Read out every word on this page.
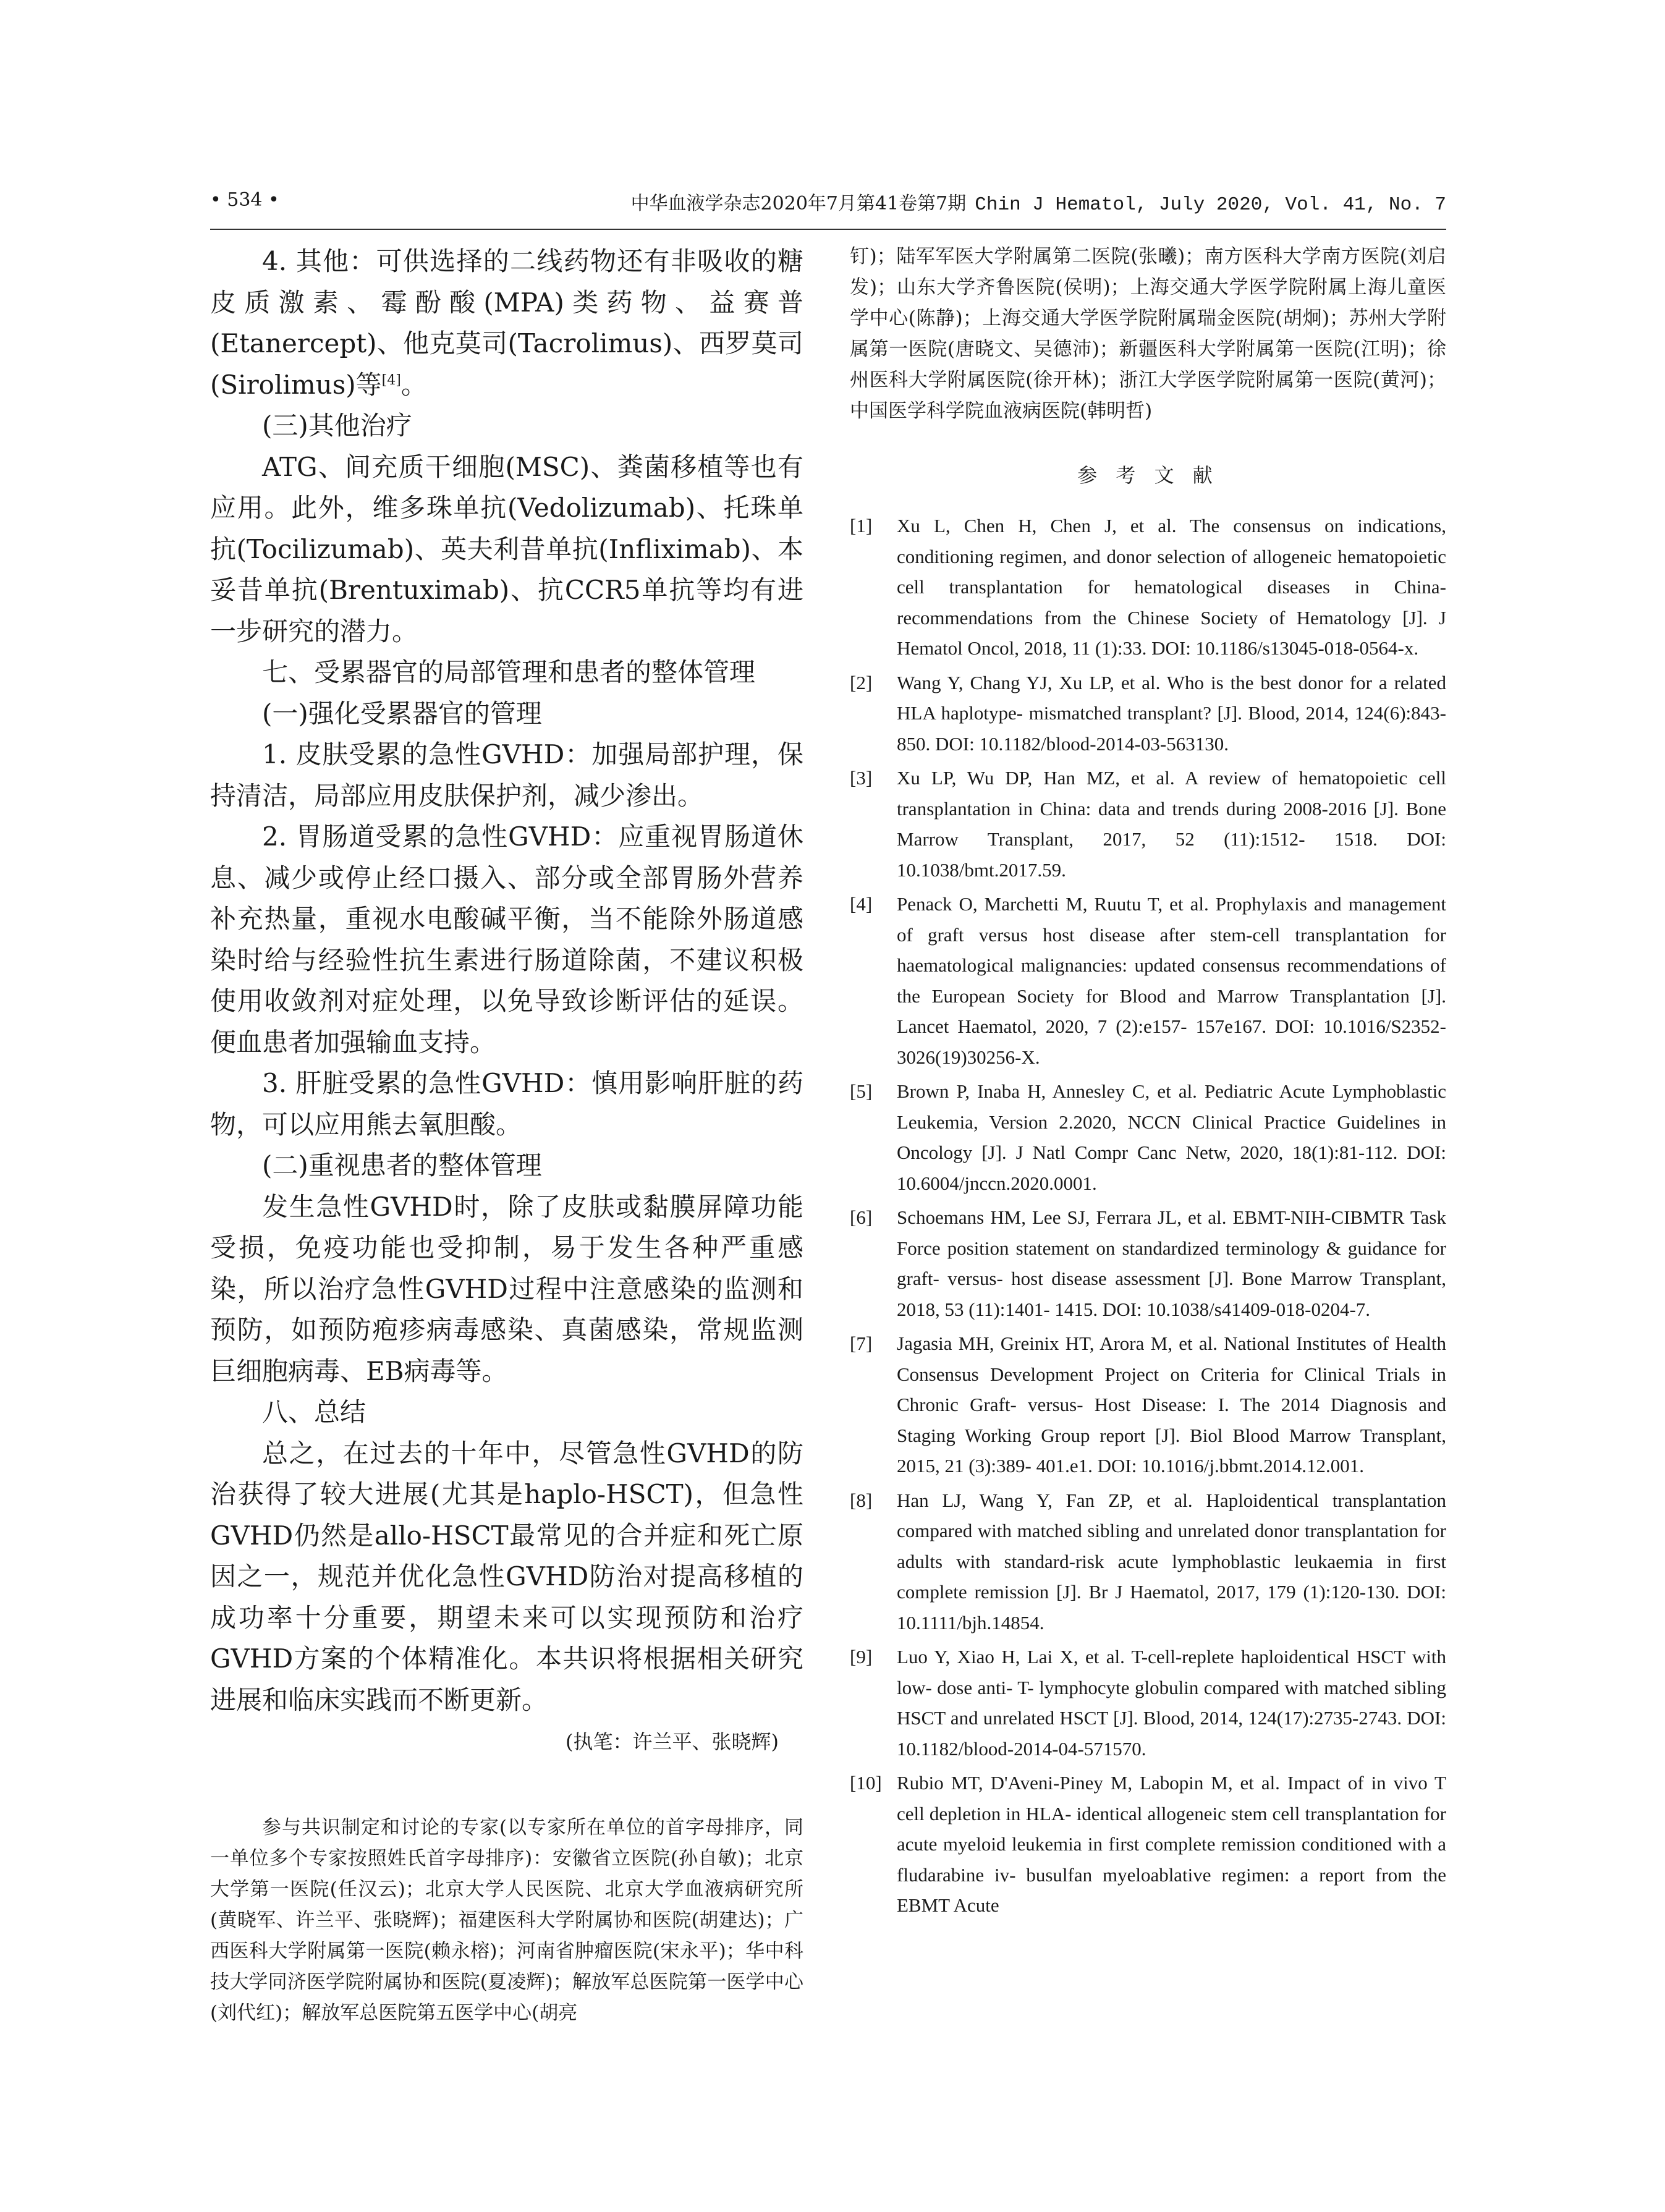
• 534 •	中华血液学杂志2020年7月第41卷第7期 Chin J Hematol, July 2020, Vol. 41, No. 7

4. 其他：可供选择的二线药物还有非吸收的糖皮质激素、霉酚酸(MPA)类药物、益赛普(Etanercept)、他克莫司(Tacrolimus)、西罗莫司(Sirolimus)等[4]。

(三)其他治疗

ATG、间充质干细胞(MSC)、粪菌移植等也有应用。此外，维多珠单抗(Vedolizumab)、托珠单抗(Tocilizumab)、英夫利昔单抗(Infliximab)、本妥昔单抗(Brentuximab)、抗CCR5单抗等均有进一步研究的潜力。

七、受累器官的局部管理和患者的整体管理

(一)强化受累器官的管理

1. 皮肤受累的急性GVHD：加强局部护理，保持清洁，局部应用皮肤保护剂，减少渗出。

2. 胃肠道受累的急性GVHD：应重视胃肠道休息、减少或停止经口摄入、部分或全部胃肠外营养补充热量，重视水电酸碱平衡，当不能除外肠道感染时给与经验性抗生素进行肠道除菌，不建议积极使用收敛剂对症处理，以免导致诊断评估的延误。便血患者加强输血支持。

3. 肝脏受累的急性GVHD：慎用影响肝脏的药物，可以应用熊去氧胆酸。

(二)重视患者的整体管理

发生急性GVHD时，除了皮肤或黏膜屏障功能受损，免疫功能也受抑制，易于发生各种严重感染，所以治疗急性GVHD过程中注意感染的监测和预防，如预防疱疹病毒感染、真菌感染，常规监测巨细胞病毒、EB病毒等。

八、总结

总之，在过去的十年中，尽管急性GVHD的防治获得了较大进展(尤其是haplo-HSCT)，但急性GVHD仍然是allo-HSCT最常见的合并症和死亡原因之一，规范并优化急性GVHD防治对提高移植的成功率十分重要，期望未来可以实现预防和治疗GVHD方案的个体精准化。本共识将根据相关研究进展和临床实践而不断更新。

(执笔：许兰平、张晓辉)

参与共识制定和讨论的专家(以专家所在单位的首字母排序，同一单位多个专家按照姓氏首字母排序)：安徽省立医院(孙自敏)；北京大学第一医院(任汉云)；北京大学人民医院、北京大学血液病研究所(黄晓军、许兰平、张晓辉)；福建医科大学附属协和医院(胡建达)；广西医科大学附属第一医院(赖永榕)；河南省肿瘤医院(宋永平)；华中科技大学同济医学院附属协和医院(夏凌辉)；解放军总医院第一医学中心(刘代红)；解放军总医院第五医学中心(胡亮

钉)；陆军军医大学附属第二医院(张曦)；南方医科大学南方医院(刘启发)；山东大学齐鲁医院(侯明)；上海交通大学医学院附属上海儿童医学中心(陈静)；上海交通大学医学院附属瑞金医院(胡炯)；苏州大学附属第一医院(唐晓文、吴德沛)；新疆医科大学附属第一医院(江明)；徐州医科大学附属医院(徐开林)；浙江大学医学院附属第一医院(黄河)；中国医学科学院血液病医院(韩明哲)

参 考 文 献
[1]	Xu L, Chen H, Chen J, et al. The consensus on indications, conditioning regimen, and donor selection of allogeneic hematopoietic cell transplantation for hematological diseases in China- recommendations from the Chinese Society of Hematology [J]. J Hematol Oncol, 2018, 11 (1):33. DOI: 10.1186/s13045-018-0564-x.
[2]	Wang Y, Chang YJ, Xu LP, et al. Who is the best donor for a related HLA haplotype- mismatched transplant? [J]. Blood, 2014, 124(6):843-850. DOI: 10.1182/blood-2014-03-563130.
[3]	Xu LP, Wu DP, Han MZ, et al. A review of hematopoietic cell transplantation in China: data and trends during 2008-2016 [J]. Bone Marrow Transplant, 2017, 52 (11):1512- 1518. DOI: 10.1038/bmt.2017.59.
[4]	Penack O, Marchetti M, Ruutu T, et al. Prophylaxis and management of graft versus host disease after stem-cell transplantation for haematological malignancies: updated consensus recommendations of the European Society for Blood and Marrow Transplantation [J]. Lancet Haematol, 2020, 7 (2):e157- 157e167. DOI: 10.1016/S2352-3026(19)30256-X.
[5]	Brown P, Inaba H, Annesley C, et al. Pediatric Acute Lymphoblastic Leukemia, Version 2.2020, NCCN Clinical Practice Guidelines in Oncology [J]. J Natl Compr Canc Netw, 2020, 18(1):81-112. DOI: 10.6004/jnccn.2020.0001.
[6]	Schoemans HM, Lee SJ, Ferrara JL, et al. EBMT-NIH-CIBMTR Task Force position statement on standardized terminology & guidance for graft- versus- host disease assessment [J]. Bone Marrow Transplant, 2018, 53 (11):1401- 1415. DOI: 10.1038/s41409-018-0204-7.
[7]	Jagasia MH, Greinix HT, Arora M, et al. National Institutes of Health Consensus Development Project on Criteria for Clinical Trials in Chronic Graft- versus- Host Disease: I. The 2014 Diagnosis and Staging Working Group report [J]. Biol Blood Marrow Transplant, 2015, 21 (3):389- 401.e1. DOI: 10.1016/j.bbmt.2014.12.001.
[8]	Han LJ, Wang Y, Fan ZP, et al. Haploidentical transplantation compared with matched sibling and unrelated donor transplantation for adults with standard-risk acute lymphoblastic leukaemia in first complete remission [J]. Br J Haematol, 2017, 179 (1):120-130. DOI: 10.1111/bjh.14854.
[9]	Luo Y, Xiao H, Lai X, et al. T-cell-replete haploidentical HSCT with low- dose anti- T- lymphocyte globulin compared with matched sibling HSCT and unrelated HSCT [J]. Blood, 2014, 124(17):2735-2743. DOI: 10.1182/blood-2014-04-571570.
[10] Rubio MT, D'Aveni-Piney M, Labopin M, et al. Impact of in vivo T cell depletion in HLA- identical allogeneic stem cell transplantation for acute myeloid leukemia in first complete remission conditioned with a fludarabine iv- busulfan myeloablative regimen: a report from the EBMT Acute
